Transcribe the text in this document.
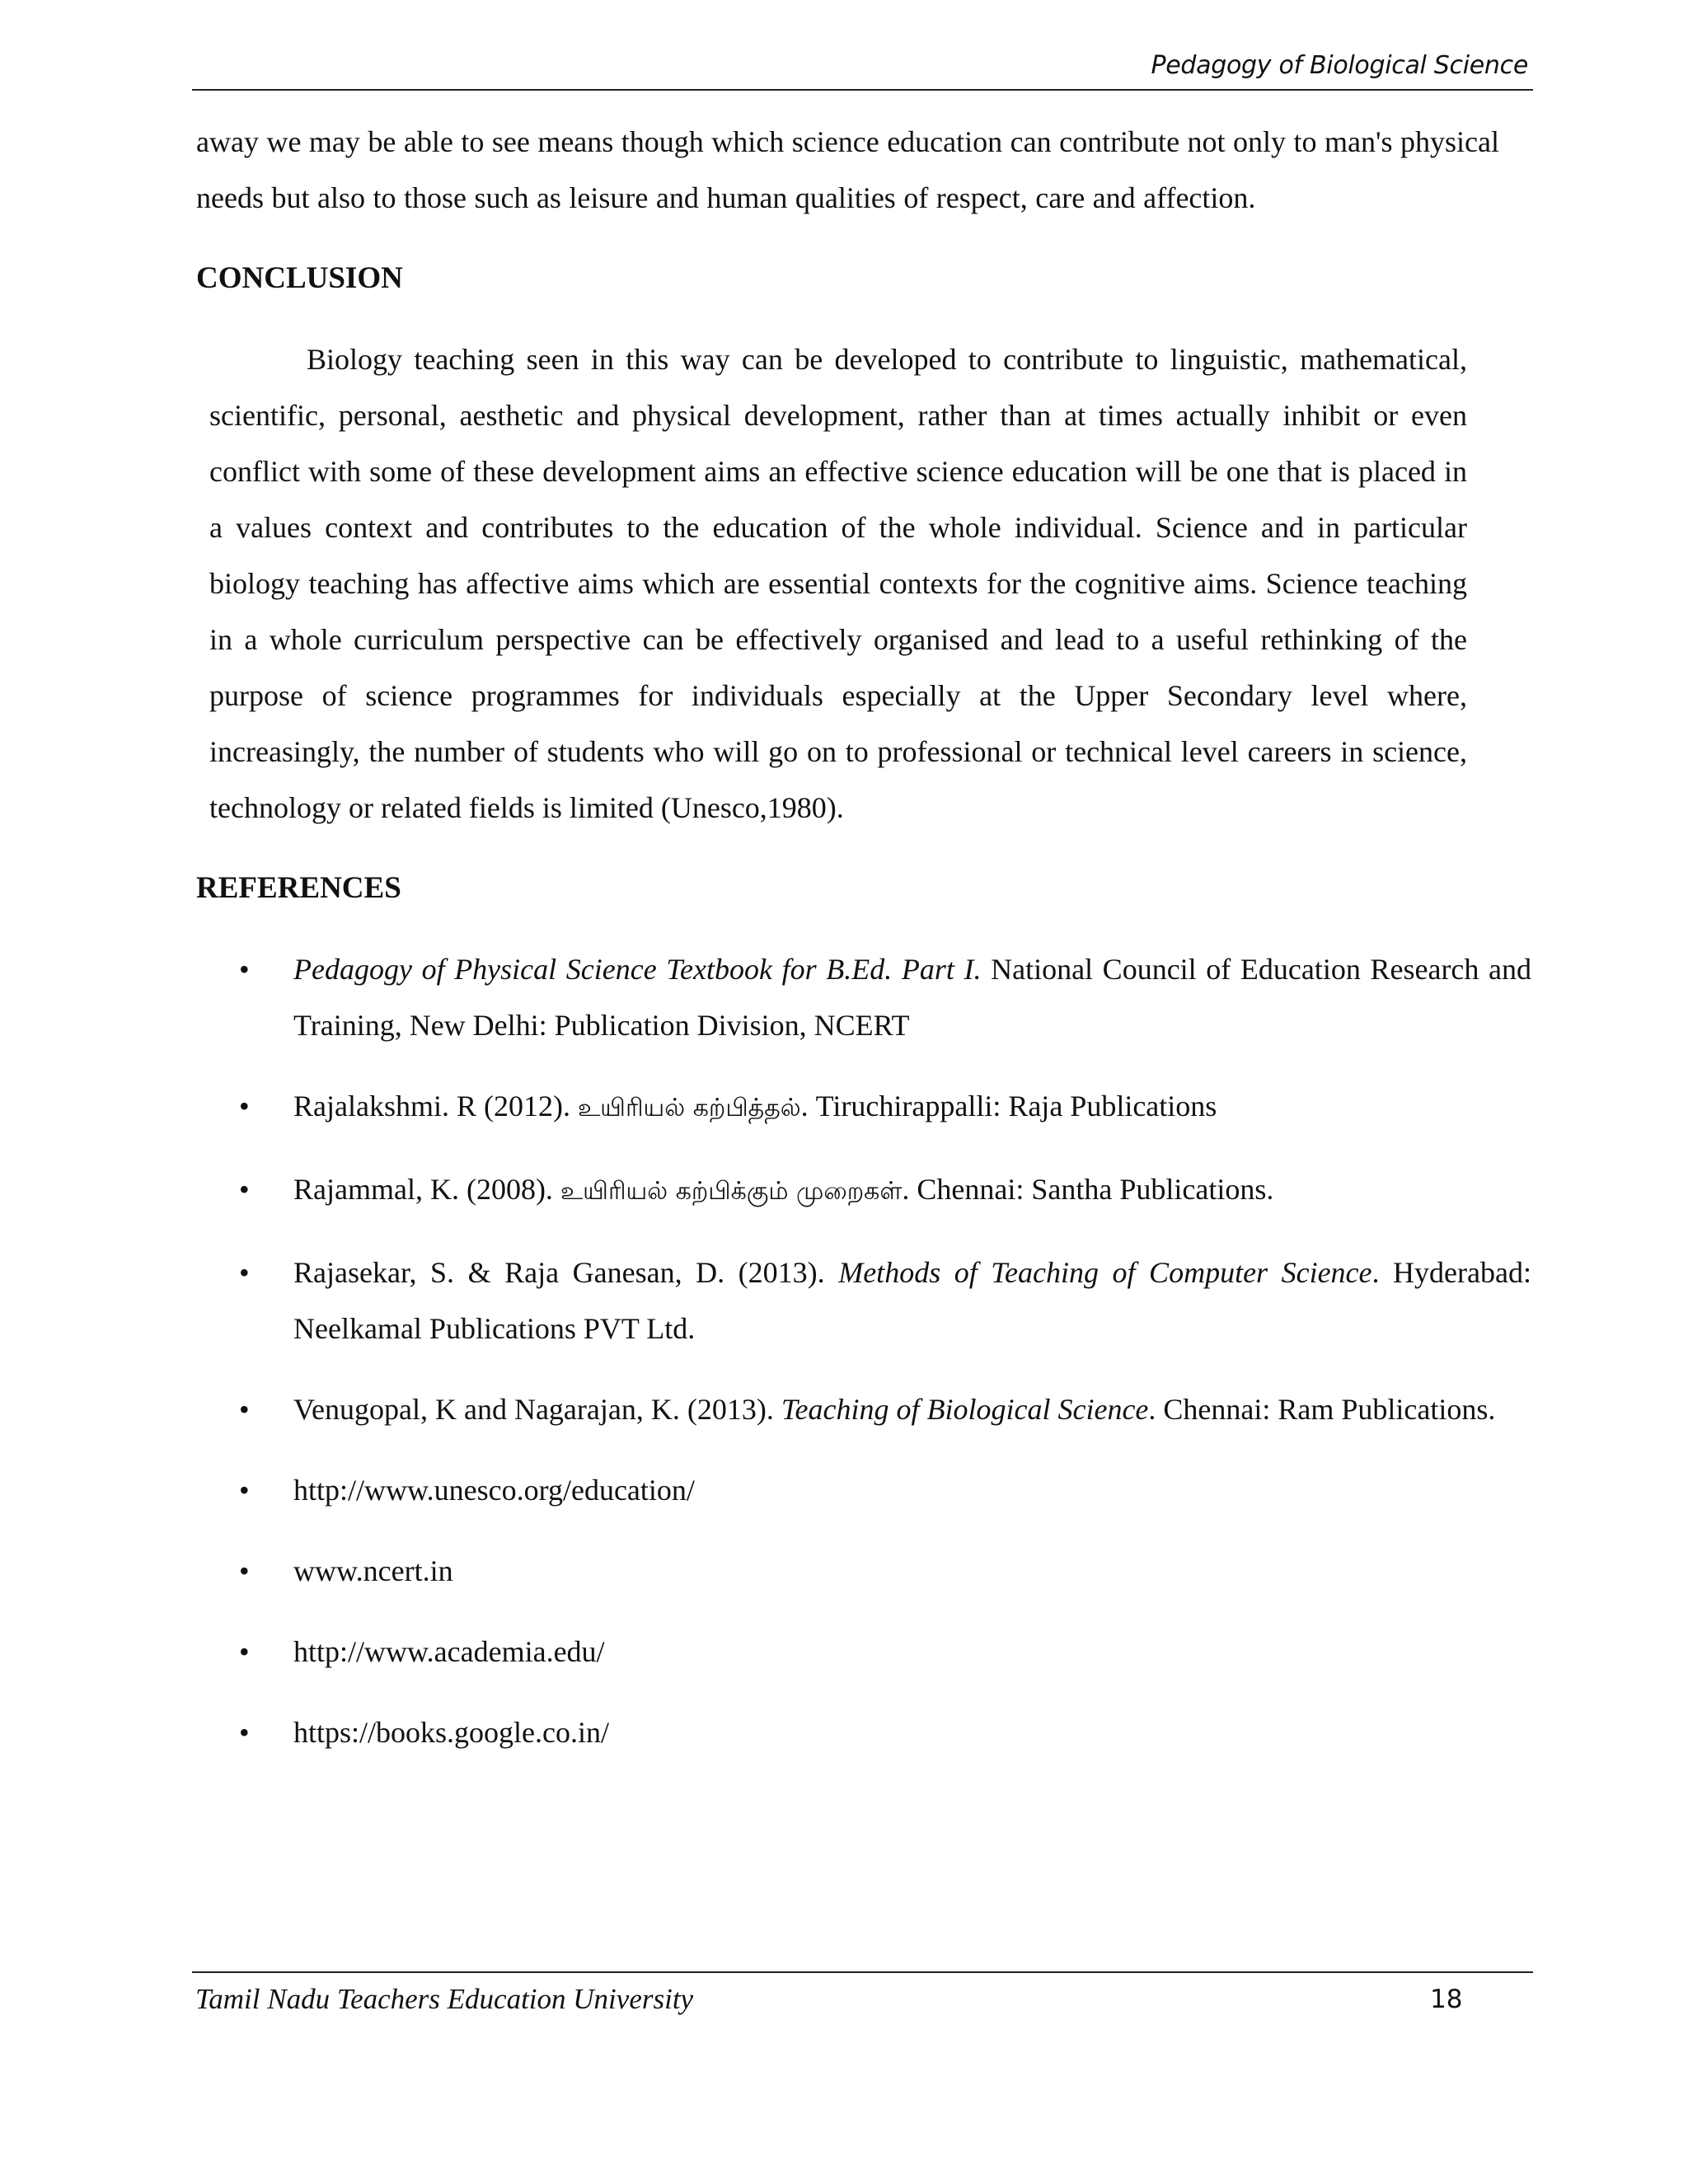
Pedagogy of Biological Science

away we may be able to see means though which science education can contribute not only to man's physical needs but also to those such as leisure and human qualities of respect, care and affection.

CONCLUSION

Biology teaching seen in this way can be developed to contribute to linguistic, mathematical, scientific, personal, aesthetic and physical development, rather than at times actually inhibit or even conflict with some of these development aims an effective science education will be one that is placed in a values context and contributes to the education of the whole individual. Science and in particular biology teaching has affective aims which are essential contexts for the cognitive aims. Science teaching in a whole curriculum perspective can be effectively organised and lead to a useful rethinking of the purpose of science programmes for individuals especially at the Upper Secondary level where, increasingly, the number of students who will go on to professional or technical level careers in science, technology or related fields is limited (Unesco,1980).

REFERENCES
• Pedagogy of Physical Science Textbook for B.Ed. Part I. National Council of Education Research and Training, New Delhi: Publication Division, NCERT
• Rajalakshmi. R (2012). உயிரியல் கற்பித்தல். Tiruchirappalli: Raja Publications
• Rajammal, K. (2008). உயிரியல் கற்பிக்கும் முறைகள். Chennai: Santha Publications.
• Rajasekar, S. & Raja Ganesan, D. (2013). Methods of Teaching of Computer Science. Hyderabad: Neelkamal Publications PVT Ltd.
• Venugopal, K and Nagarajan, K. (2013). Teaching of Biological Science. Chennai: Ram Publications.
• http://www.unesco.org/education/
• www.ncert.in
• http://www.academia.edu/
• https://books.google.co.in/
Tamil Nadu Teachers Education University	18
